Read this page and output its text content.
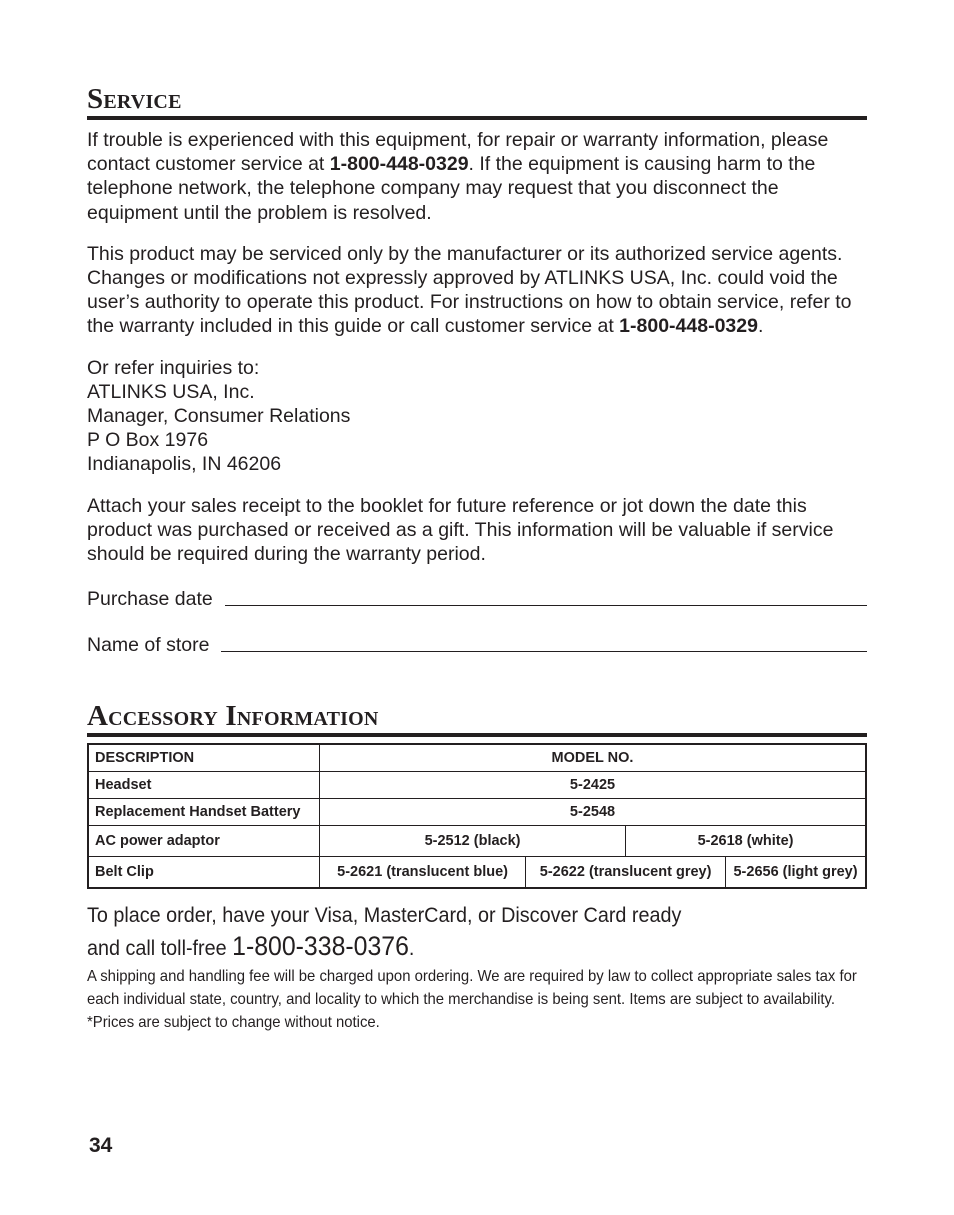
Service

If trouble is experienced with this equipment, for repair or warranty information, please contact customer service at 1-800-448-0329. If the equipment is causing harm to the telephone network, the telephone company may request that you disconnect the equipment until the problem is resolved.

This product may be serviced only by the manufacturer or its authorized service agents. Changes or modifications not expressly approved by ATLINKS USA, Inc. could void the user’s authority to operate this product. For instructions on how to obtain service, refer to the warranty included in this guide or call customer service at 1-800-448-0329.

Or refer inquiries to:
ATLINKS USA, Inc.
Manager, Consumer Relations
P O Box 1976
Indianapolis, IN 46206

Attach your sales receipt to the booklet for future reference or jot down the date this product was purchased or received as a gift. This information will be valuable if service should be required during the warranty period.

Purchase date
Name of store
Accessory Information
DESCRIPTION	MODEL NO.			
Headset	5-2425			
Replacement Handset Battery	5-2548			
AC power adaptor	5-2512 (black)		5-2618 (white)	
Belt Clip	5-2621 (translucent blue)	5-2622 (translucent grey)		5-2656 (light grey)
To place order, have your Visa, MasterCard, or Discover Card ready
and call toll-free 1-800-338-0376.

A shipping and handling fee will be charged upon ordering. We are required by law to collect appropriate sales tax for each individual state, country, and locality to which the merchandise is being sent. Items are subject to availability. *Prices are subject to change without notice.

34
